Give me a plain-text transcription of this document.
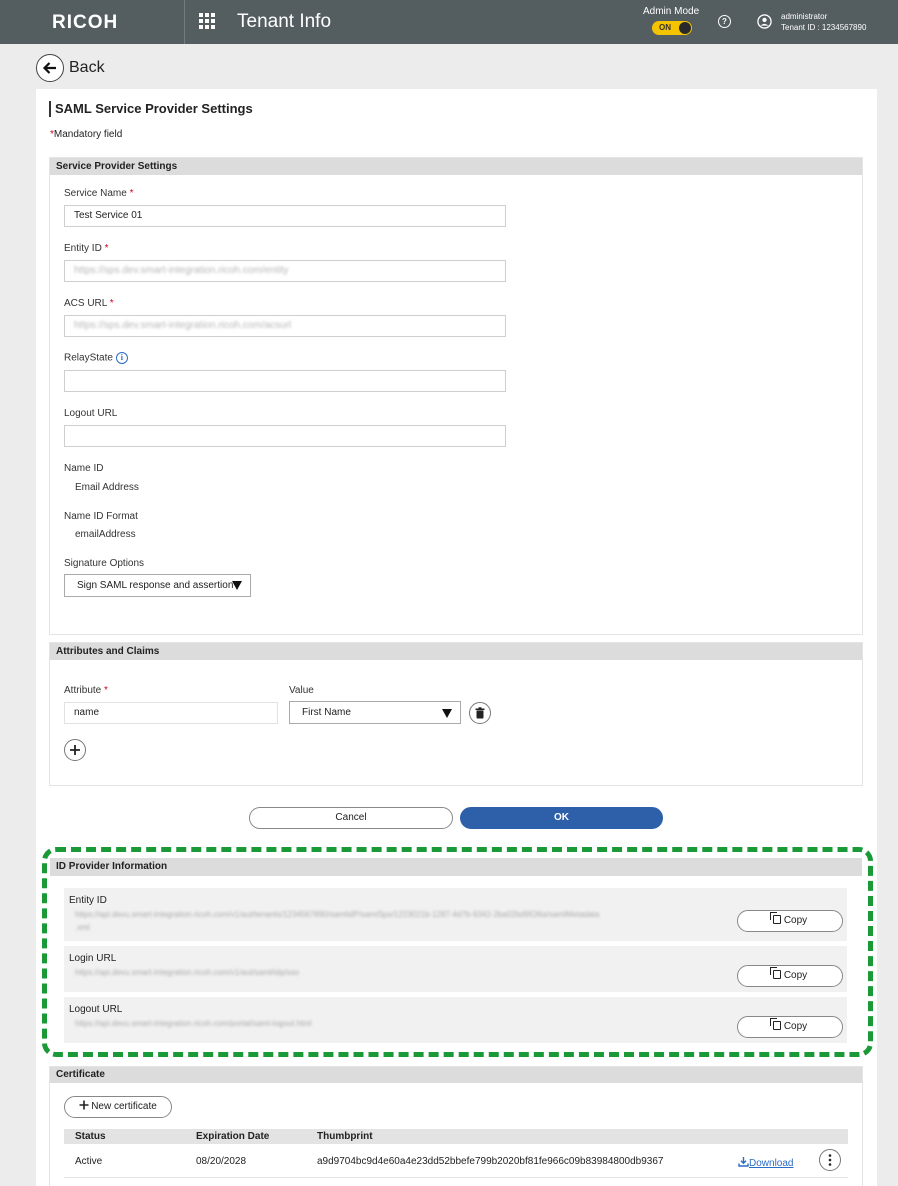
RICOH	Tenant Info	Admin Mode
ON
?
administrator
Tenant ID : 1234567890
Back
SAML Service Provider Settings
*Mandatory field
Service Provider Settings
Service Name *
Test Service 01
Entity ID *
https://sps.dev.smart-integration.ricoh.com/entity
ACS URL *
https://sps.dev.smart-integration.ricoh.com/acsurl
RelayState i
Logout URL
Name ID
Email Address
Name ID Format
emailAddress
Signature Options
Sign SAML response and assertion
Attributes and Claims
Attribute *	Value
name	First Name
Cancel	OK
ID Provider Information
Entity ID
https://api.devu.smart-integration.ricoh.com/v1/aut/tenants/1234567890/samlIdP/samlSps/1223021b-1287-4d7b-9342-2ba02bd9536a/samlMetadata
.xml
Copy
Login URL
https://api.devu.smart-integration.ricoh.com/v1/aut/saml/idp/sso	Copy
Logout URL
https://api.devu.smart-integration.ricoh.com/portal/saml-logout.html	Copy
Certificate
New certificate
Status	Expiration Date	Thumbprint
Active	08/20/2028	a9d9704bc9d4e60a4e23dd52bbefe799b2020bf81fe966c09b83984800db9367	Download
